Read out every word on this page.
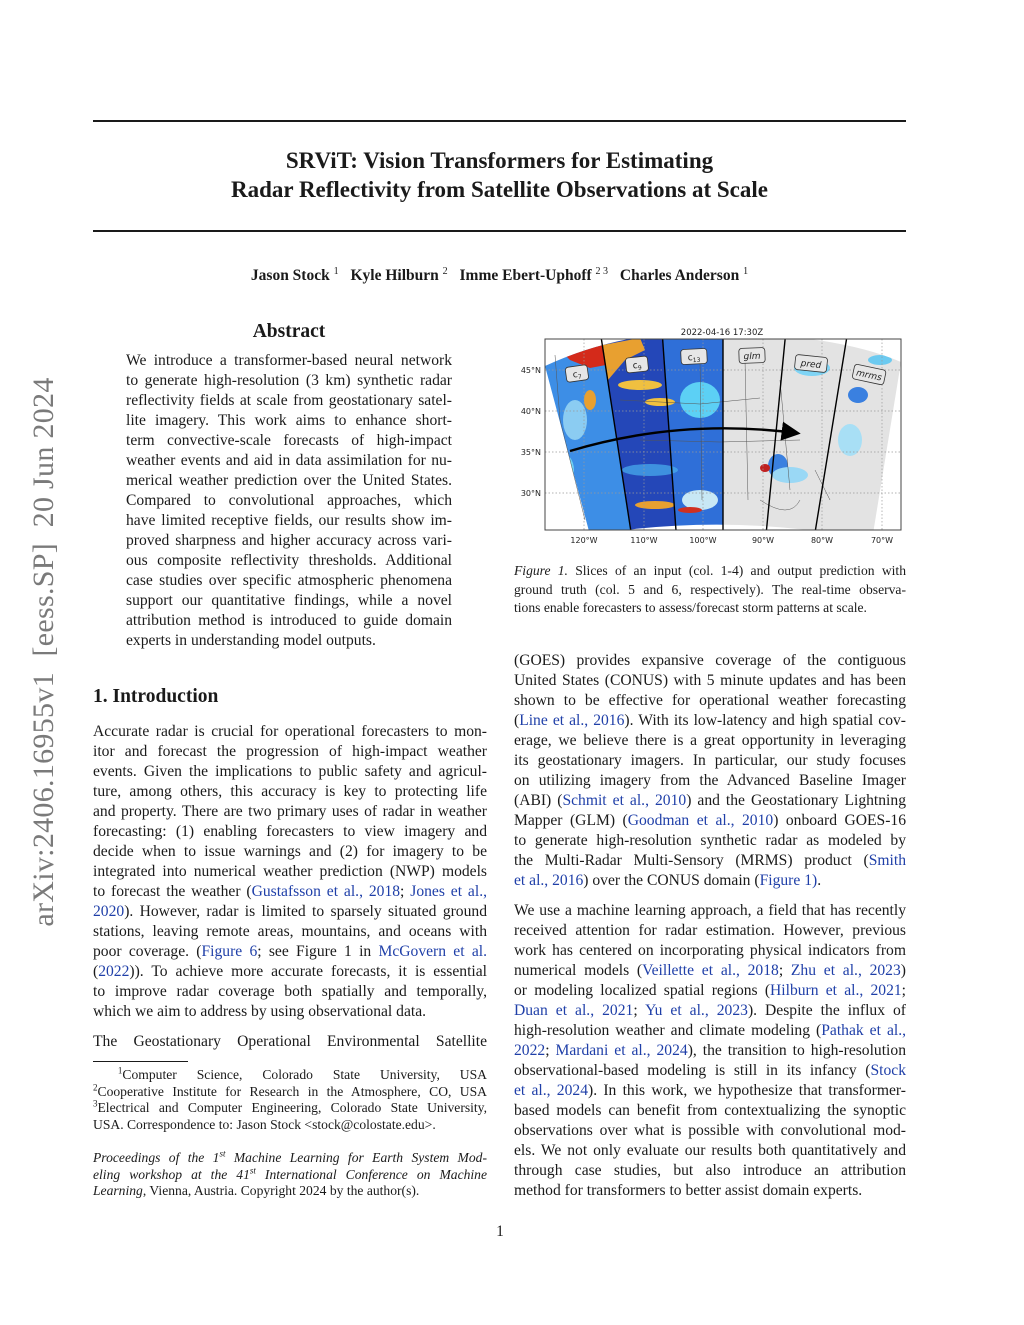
arXiv:2406.16955v1  [eess.SP]  20 Jun 2024
SRViT: Vision Transformers for Estimating
Radar Reflectivity from Satellite Observations at Scale
Jason Stock $^1$ Kyle Hilburn $^2$ Imme Ebert-Uphoff $^{2 3}$ Charles Anderson $^1$
Abstract
We introduce a transformer-based neural network
to generate high-resolution (3 km) synthetic radar
reflectivity fields at scale from geostationary satel-
lite imagery. This work aims to enhance short-
term convective-scale forecasts of high-impact
weather events and aid in data assimilation for nu-
merical weather prediction over the United States.
Compared to convolutional approaches, which
have limited receptive fields, our results show im-
proved sharpness and higher accuracy across vari-
ous composite reflectivity thresholds. Additional
case studies over specific atmospheric phenomena
support our quantitative findings, while a novel
attribution method is introduced to guide domain
experts in understanding model outputs.
1. Introduction
Accurate radar is crucial for operational forecasters to mon-
itor and forecast the progression of high-impact weather
events. Given the implications to public safety and agricul-
ture, among others, this accuracy is key to protecting life
and property. There are two primary uses of radar in weather
forecasting: (1) enabling forecasters to view imagery and
decide when to issue warnings and (2) for imagery to be
integrated into numerical weather prediction (NWP) models
to forecast the weather (Gustafsson et al., 2018; Jones et al.,
2020). However, radar is limited to sparsely situated ground
stations, leaving remote areas, mountains, and oceans with
poor coverage. (Figure 6; see Figure 1 in McGovern et al.
(2022)). To achieve more accurate forecasts, it is essential
to improve radar coverage both spatially and temporally,
which we aim to address by using observational data.
The Geostationary Operational Environmental Satellite
$^1$Computer    Science,    Colorado    State    University,    USA
$^2$Cooperative Institute for Research in the Atmosphere, CO, USA
$^3$Electrical and Computer Engineering, Colorado State University,
USA. Correspondence to: Jason Stock <stock@colostate.edu>.
Proceedings of the 1st Machine Learning for Earth System Mod-
eling workshop at the 41st International Conference on Machine
Learning, Vienna, Austria. Copyright 2024 by the author(s).
2022-04-16 17:30Z
45°N
40°N
35°N
30°N
120°W	110°W	100°W	90°W	80°W	70°W
$c_7$
$c_9$
$c_{13}$	glm
pred
mrms
Figure 1. Slices of an input (col. 1-4) and output prediction with
ground truth (col. 5 and 6, respectively). The real-time observa-
tions enable forecasters to assess/forecast storm patterns at scale.
(GOES) provides expansive coverage of the contiguous
United States (CONUS) with 5 minute updates and has been
shown to be effective for operational weather forecasting
(Line et al., 2016). With its low-latency and high spatial cov-
erage, we believe there is a great opportunity in leveraging
its geostationary imagers. In particular, our study focuses
on utilizing imagery from the Advanced Baseline Imager
(ABI) (Schmit et al., 2010) and the Geostationary Lightning
Mapper (GLM) (Goodman et al., 2010) onboard GOES-16
to generate high-resolution synthetic radar as modeled by
the Multi-Radar Multi-Sensory (MRMS) product (Smith
et al., 2016) over the CONUS domain (Figure 1).
We use a machine learning approach, a field that has recently
received attention for radar estimation. However, previous
work has centered on incorporating physical indicators from
numerical models (Veillette et al., 2018; Zhu et al., 2023)
or modeling localized spatial regions (Hilburn et al., 2021;
Duan et al., 2021; Yu et al., 2023). Despite the influx of
high-resolution weather and climate modeling (Pathak et al.,
2022; Mardani et al., 2024), the transition to high-resolution
observational-based modeling is still in its infancy (Stock
et al., 2024). In this work, we hypothesize that transformer-
based models can benefit from contextualizing the synoptic
observations over what is possible with convolutional mod-
els. We not only evaluate our results both quantitatively and
through case studies, but also introduce an attribution
method for transformers to better assist domain experts.
1
